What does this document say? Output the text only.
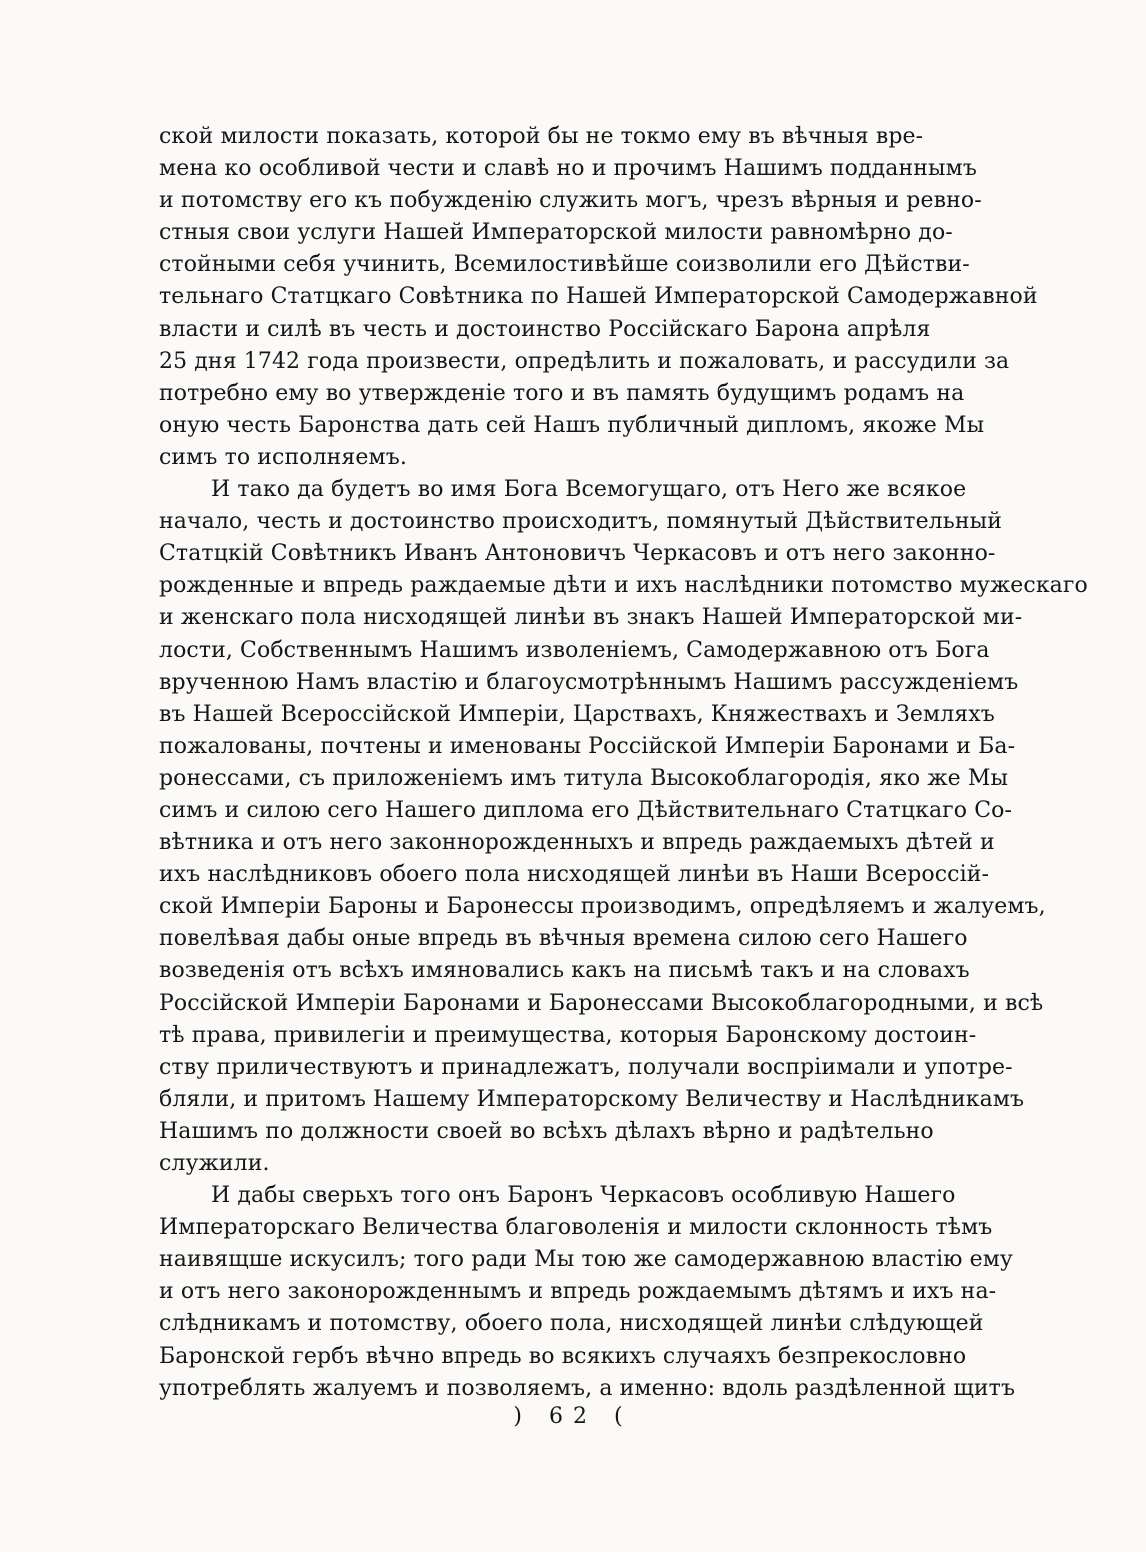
ской милости показать, которой бы не токмо ему въ вѣчныя вре-
мена ко особливой чести и славѣ но и прочимъ Нашимъ подданнымъ
и потомству его къ побужденію служить могъ, чрезъ вѣрныя и ревно-
стныя свои услуги Нашей Императорской милости равномѣрно до-
стойными себя учинить, Всемилостивѣйше соизволили его Дѣйстви-
тельнаго Статцкаго Совѣтника по Нашей Императорской Самодержавной
власти и силѣ въ честь и достоинство Россійскаго Барона апрѣля
25 дня 1742 года произвести, опредѣлить и пожаловать, и рассудили за
потребно ему во утвержденіе того и въ память будущимъ родамъ на
оную честь Баронства дать сей Нашъ публичный дипломъ, якоже Мы
симъ то исполняемъ.
И тако да будетъ во имя Бога Всемогущаго, отъ Него же всякое
начало, честь и достоинство происходитъ, помянутый Дѣйствительный
Статцкій Совѣтникъ Иванъ Антоновичъ Черкасовъ и отъ него законно-
рожденные и впредь раждаемые дѣти и ихъ наслѣдники потомство мужескаго
и женскаго пола нисходящей линѣи въ знакъ Нашей Императорской ми-
лости, Собственнымъ Нашимъ изволеніемъ, Самодержавною отъ Бога
врученною Намъ властію и благоусмотрѣннымъ Нашимъ рассужденіемъ
въ Нашей Всероссійской Имперіи, Царствахъ, Княжествахъ и Земляхъ
пожалованы, почтены и именованы Россійской Имперіи Баронами и Ба-
ронессами, съ приложеніемъ имъ титула Высокоблагородія, яко же Мы
симъ и силою сего Нашего диплома его Дѣйствительнаго Статцкаго Со-
вѣтника и отъ него законнорожденныхъ и впредь раждаемыхъ дѣтей и
ихъ наслѣдниковъ обоего пола нисходящей линѣи въ Наши Всероссій-
ской Имперіи Бароны и Баронессы производимъ, опредѣляемъ и жалуемъ,
повелѣвая дабы оные впредь въ вѣчныя времена силою сего Нашего
возведенія отъ всѣхъ имяновались какъ на письмѣ такъ и на словахъ
Россійской Имперіи Баронами и Баронессами Высокоблагородными, и всѣ
тѣ права, привилегіи и преимущества, которыя Баронскому достоин-
ству приличествуютъ и принадлежатъ, получали воспріимали и употре-
бляли, и притомъ Нашему Императорскому Величеству и Наслѣдникамъ
Нашимъ по должности своей во всѣхъ дѣлахъ вѣрно и радѣтельно
служили.
И дабы сверьхъ того онъ Баронъ Черкасовъ особливую Нашего
Императорскаго Величества благоволенія и милости склонность тѣмъ
наивящше искусилъ; того ради Мы тою же самодержавною властію ему
и отъ него законорожденнымъ и впредь рождаемымъ дѣтямъ и ихъ на-
слѣдникамъ и потомству, обоего пола, нисходящей линѣи слѣдующей
Баронской гербъ вѣчно впредь во всякихъ случаяхъ безпрекословно
употреблять жалуемъ и позволяемъ, а именно: вдоль раздѣленной щитъ
) 62 (
